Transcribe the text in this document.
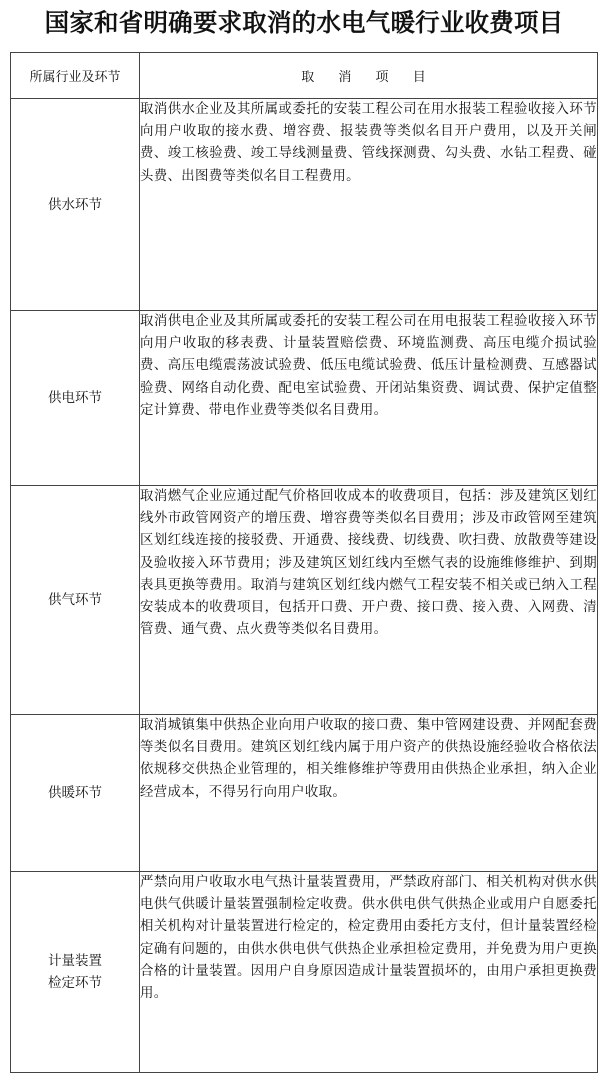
国家和省明确要求取消的水电气暖行业收费项目
所属行业及环节	取 消 项 目
供水环节	取消供水企业及其所属或委托的安装工程公司在用水报装工程验收接入环节向用户收取的接水费、增容费、报装费等类似名目开户费用，以及开关闸费、竣工核验费、竣工导线测量费、管线探测费、勾头费、水钻工程费、碰头费、出图费等类似名目工程费用。
供电环节	取消供电企业及其所属或委托的安装工程公司在用电报装工程验收接入环节向用户收取的移表费、计量装置赔偿费、环境监测费、高压电缆介损试验费、高压电缆震荡波试验费、低压电缆试验费、低压计量检测费、互感器试验费、网络自动化费、配电室试验费、开闭站集资费、调试费、保护定值整定计算费、带电作业费等类似名目费用。
供气环节	取消燃气企业应通过配气价格回收成本的收费项目，包括：涉及建筑区划红线外市政管网资产的增压费、增容费等类似名目费用；涉及市政管网至建筑区划红线连接的接驳费、开通费、接线费、切线费、吹扫费、放散费等建设及验收接入环节费用；涉及建筑区划红线内至燃气表的设施维修维护、到期表具更换等费用。取消与建筑区划红线内燃气工程安装不相关或已纳入工程安装成本的收费项目，包括开口费、开户费、接口费、接入费、入网费、清管费、通气费、点火费等类似名目费用。
供暖环节	取消城镇集中供热企业向用户收取的接口费、集中管网建设费、并网配套费等类似名目费用。建筑区划红线内属于用户资产的供热设施经验收合格依法依规移交供热企业管理的，相关维修维护等费用由供热企业承担，纳入企业经营成本，不得另行向用户收取。

计量装置
检定环节	严禁向用户收取水电气热计量装置费用，严禁政府部门、相关机构对供水供电供气供暖计量装置强制检定收费。供水供电供气供热企业或用户自愿委托相关机构对计量装置进行检定的，检定费用由委托方支付，但计量装置经检定确有问题的，由供水供电供气供热企业承担检定费用，并免费为用户更换合格的计量装置。因用户自身原因造成计量装置损坏的，由用户承担更换费用。
